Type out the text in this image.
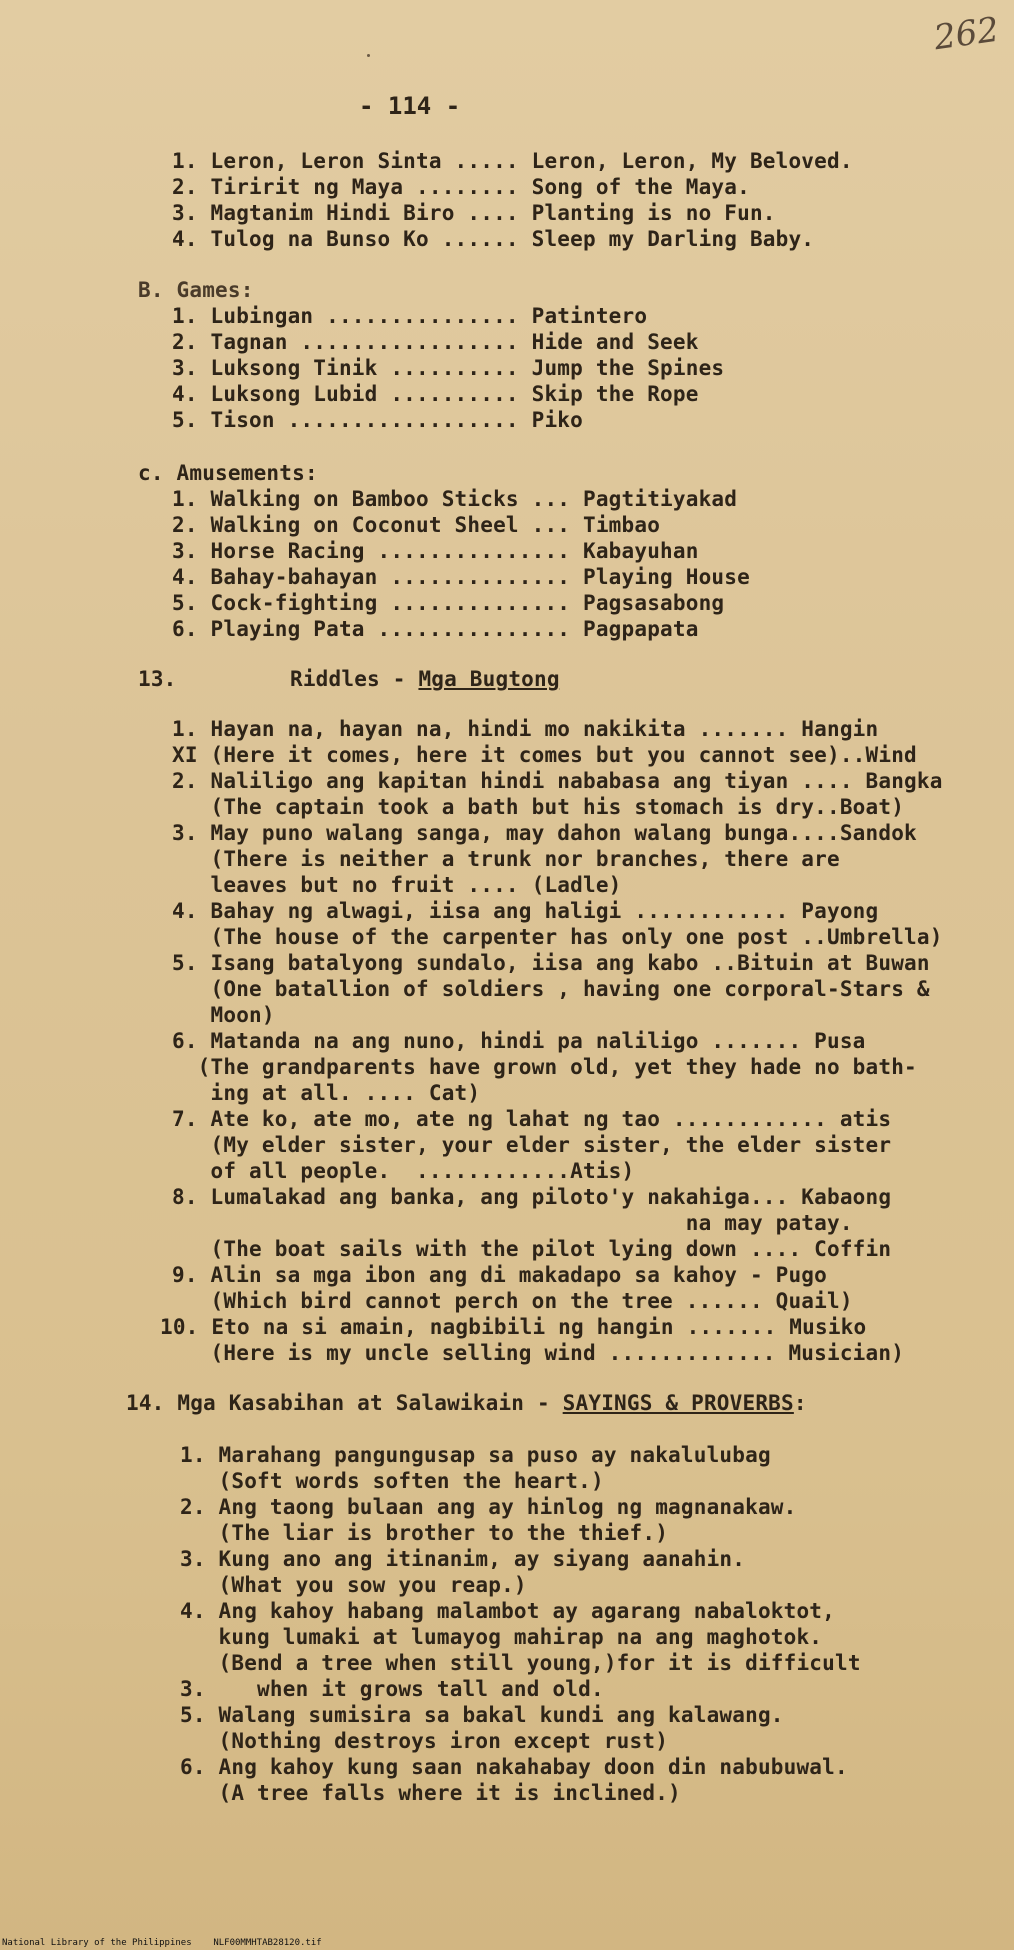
262
- 114 -
1. Leron, Leron Sinta ..... Leron, Leron, My Beloved.
2. Tiririt ng Maya ........ Song of the Maya.
3. Magtanim Hindi Biro .... Planting is no Fun.
4. Tulog na Bunso Ko ...... Sleep my Darling Baby.
B. Games:
1. Lubingan ............... Patintero
2. Tagnan ................. Hide and Seek
3. Luksong Tinik .......... Jump the Spines
4. Luksong Lubid .......... Skip the Rope
5. Tison .................. Piko
c. Amusements:
1. Walking on Bamboo Sticks ... Pagtitiyakad
2. Walking on Coconut Sheel ... Timbao
3. Horse Racing ............... Kabayuhan
4. Bahay-bahayan .............. Playing House
5. Cock-fighting .............. Pagsasabong
6. Playing Pata ............... Pagpapata
13.	Riddles - Mga Bugtong
1. Hayan na, hayan na, hindi mo nakikita ....... Hangin
XI (Here it comes, here it comes but you cannot see)..Wind
2. Naliligo ang kapitan hindi nababasa ang tiyan .... Bangka
(The captain took a bath but his stomach is dry..Boat)
3. May puno walang sanga, may dahon walang bunga....Sandok
(There is neither a trunk nor branches, there are
leaves but no fruit .... (Ladle)
4. Bahay ng alwagi, iisa ang haligi ............ Payong
(The house of the carpenter has only one post ..Umbrella)
5. Isang batalyong sundalo, iisa ang kabo ..Bituin at Buwan
(One batallion of soldiers , having one corporal-Stars &
Moon)
6. Matanda na ang nuno, hindi pa naliligo ....... Pusa
(The grandparents have grown old, yet they hade no bath-
ing at all. .... Cat)
7. Ate ko, ate mo, ate ng lahat ng tao ............ atis
(My elder sister, your elder sister, the elder sister
of all people.  ............Atis)
8. Lumalakad ang banka, ang piloto'y nakahiga... Kabaong
na may patay.
(The boat sails with the pilot lying down .... Coffin
9. Alin sa mga ibon ang di makadapo sa kahoy - Pugo
(Which bird cannot perch on the tree ...... Quail)
10. Eto na si amain, nagbibili ng hangin ....... Musiko
(Here is my uncle selling wind ............. Musician)
14. Mga Kasabihan at Salawikain - SAYINGS & PROVERBS:
1. Marahang pangungusap sa puso ay nakalulubag
(Soft words soften the heart.)
2. Ang taong bulaan ang ay hinlog ng magnanakaw.
(The liar is brother to the thief.)
3. Kung ano ang itinanim, ay siyang aanahin.
(What you sow you reap.)
4. Ang kahoy habang malambot ay agarang nabaloktot,
kung lumaki at lumayog mahirap na ang maghotok.
(Bend a tree when still young,)for it is difficult
3.    when it grows tall and old.
5. Walang sumisira sa bakal kundi ang kalawang.
(Nothing destroys iron except rust)
6. Ang kahoy kung saan nakahabay doon din nabubuwal.
(A tree falls where it is inclined.)
National Library of the Philippines    NLF00MMHTAB28120.tif
